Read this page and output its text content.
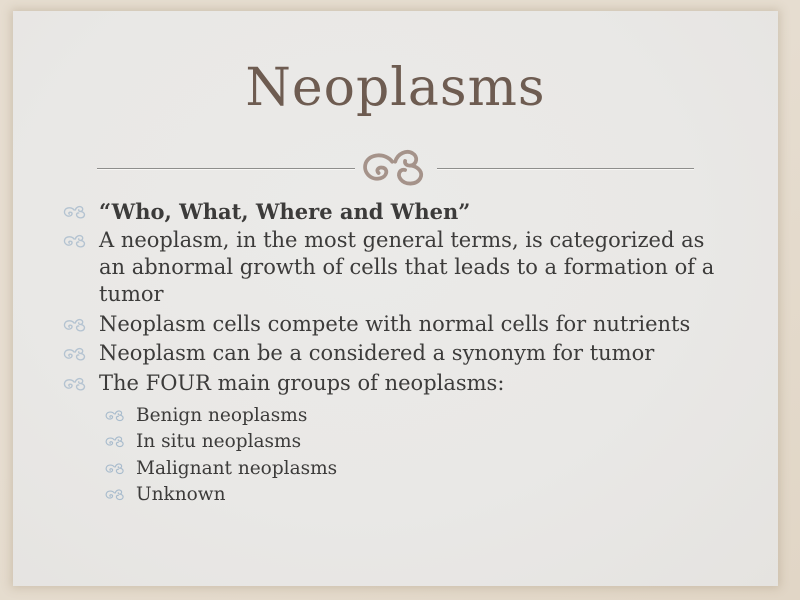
Neoplasms
“Who, What, Where and When”
A neoplasm, in the most general terms, is categorized as
an abnormal growth of cells that leads to a formation of a
tumor
Neoplasm cells compete with normal cells for nutrients
Neoplasm can be a considered a synonym for tumor
The FOUR main groups of neoplasms:
Benign neoplasms
In situ neoplasms
Malignant neoplasms
Unknown
